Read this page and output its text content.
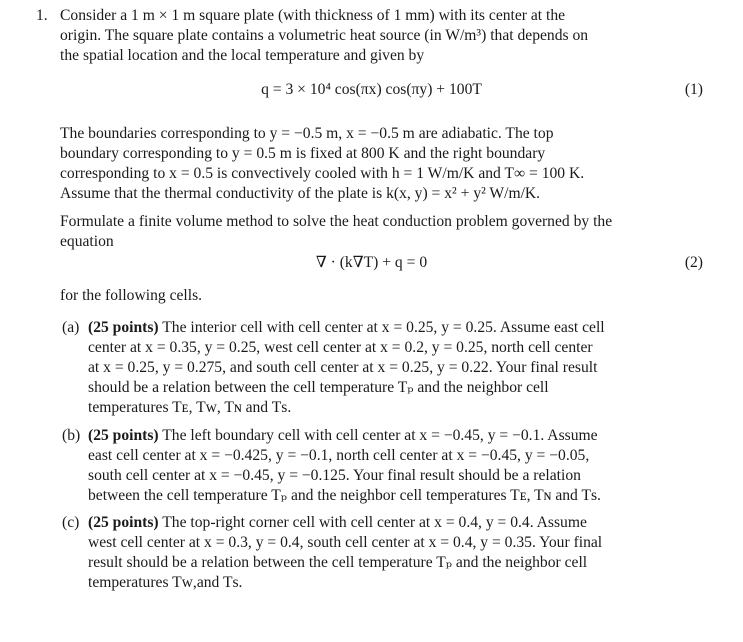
1. Consider a 1 m × 1 m square plate (with thickness of 1 mm) with its center at the
origin. The square plate contains a volumetric heat source (in W/m³) that depends on
the spatial location and the local temperature and given by
q = 3 × 10⁴ cos(πx) cos(πy) + 100T	(1)
The boundaries corresponding to y = −0.5 m, x = −0.5 m are adiabatic. The top
boundary corresponding to y = 0.5 m is fixed at 800 K and the right boundary
corresponding to x = 0.5 is convectively cooled with h = 1 W/m/K and T∞ = 100 K.
Assume that the thermal conductivity of the plate is k(x, y) = x² + y² W/m/K.
Formulate a finite volume method to solve the heat conduction problem governed by the
equation
∇ · (k∇T) + q = 0	(2)
for the following cells.
(a) (25 points) The interior cell with cell center at x = 0.25, y = 0.25. Assume east cell
center at x = 0.35, y = 0.25, west cell center at x = 0.2, y = 0.25, north cell center
at x = 0.25, y = 0.275, and south cell center at x = 0.25, y = 0.22. Your final result
should be a relation between the cell temperature Tₚ and the neighbor cell
temperatures Tᴇ, Tᴡ, Tɴ and Tѕ.
(b) (25 points) The left boundary cell with cell center at x = −0.45, y = −0.1. Assume
east cell center at x = −0.425, y = −0.1, north cell center at x = −0.45, y = −0.05,
south cell center at x = −0.45, y = −0.125. Your final result should be a relation
between the cell temperature Tₚ and the neighbor cell temperatures Tᴇ, Tɴ and Tѕ.
(c) (25 points) The top-right corner cell with cell center at x = 0.4, y = 0.4. Assume
west cell center at x = 0.3, y = 0.4, south cell center at x = 0.4, y = 0.35. Your final
result should be a relation between the cell temperature Tₚ and the neighbor cell
temperatures Tᴡ,and Tѕ.
